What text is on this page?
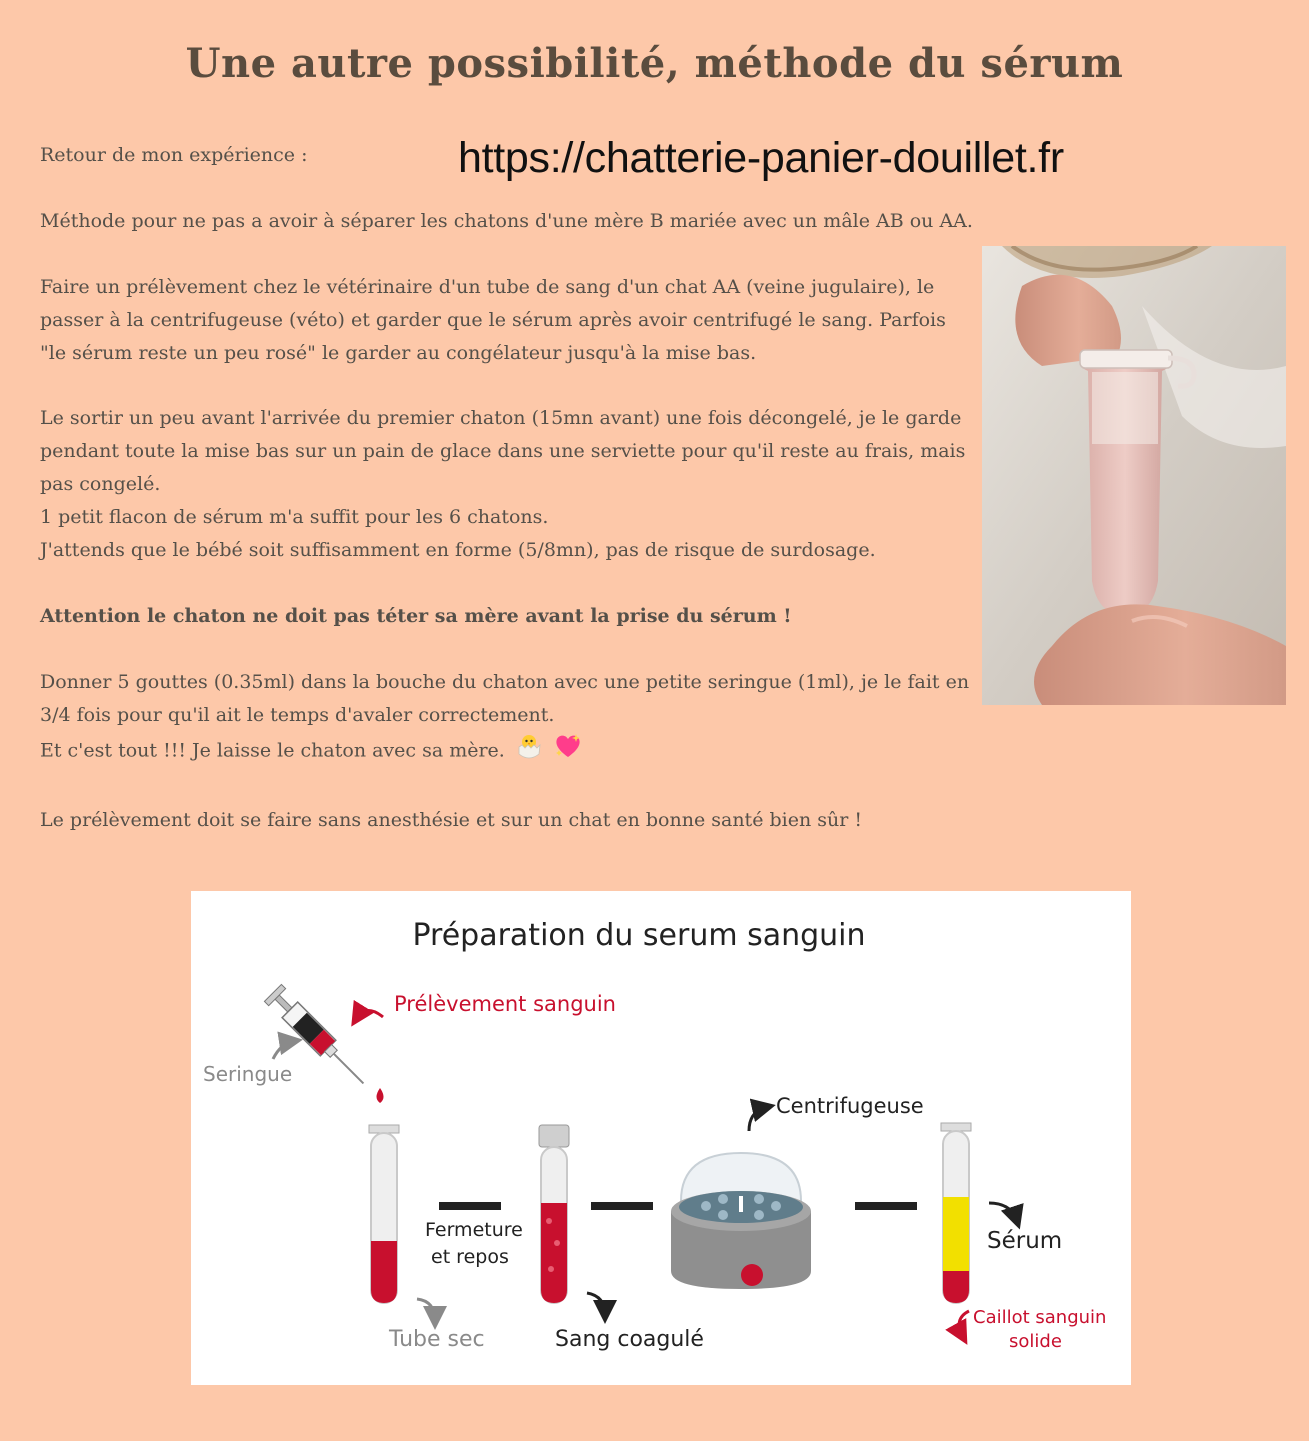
Une autre possibilité, méthode du sérum

Retour de mon expérience :	https://chatterie-panier-douillet.fr

Méthode pour ne pas a avoir à séparer les chatons d'une mère B mariée avec un mâle AB ou AA.

Faire un prélèvement chez le vétérinaire d'un tube de sang d'un chat AA (veine jugulaire), le passer à la centrifugeuse (véto) et garder que le sérum après avoir centrifugé le sang. Parfois "le sérum reste un peu rosé" le garder au congélateur jusqu'à la mise bas.

Le sortir un peu avant l'arrivée du premier chaton (15mn avant) une fois décongelé, je le garde pendant toute la mise bas sur un pain de glace dans une serviette pour qu'il reste au frais, mais pas congelé.
1 petit flacon de sérum m'a suffit pour les 6 chatons.

J'attends que le bébé soit suffisamment en forme (5/8mn), pas de risque de surdosage.

Attention le chaton ne doit pas téter sa mère avant la prise du sérum !

Donner 5 gouttes (0.35ml) dans la bouche du chaton avec une petite seringue (1ml), je le fait en 3/4 fois pour qu'il ait le temps d'avaler correctement.
Et c'est tout !!! Je laisse le chaton avec sa mère.

Le prélèvement doit se faire sans anesthésie et sur un chat en bonne santé bien sûr !

Préparation du serum sanguin
Prélèvement sanguin
Seringue
Tube sec
Fermeture
et repos
Sang coagulé
Centrifugeuse
Sérum
Caillot sanguin
solide
